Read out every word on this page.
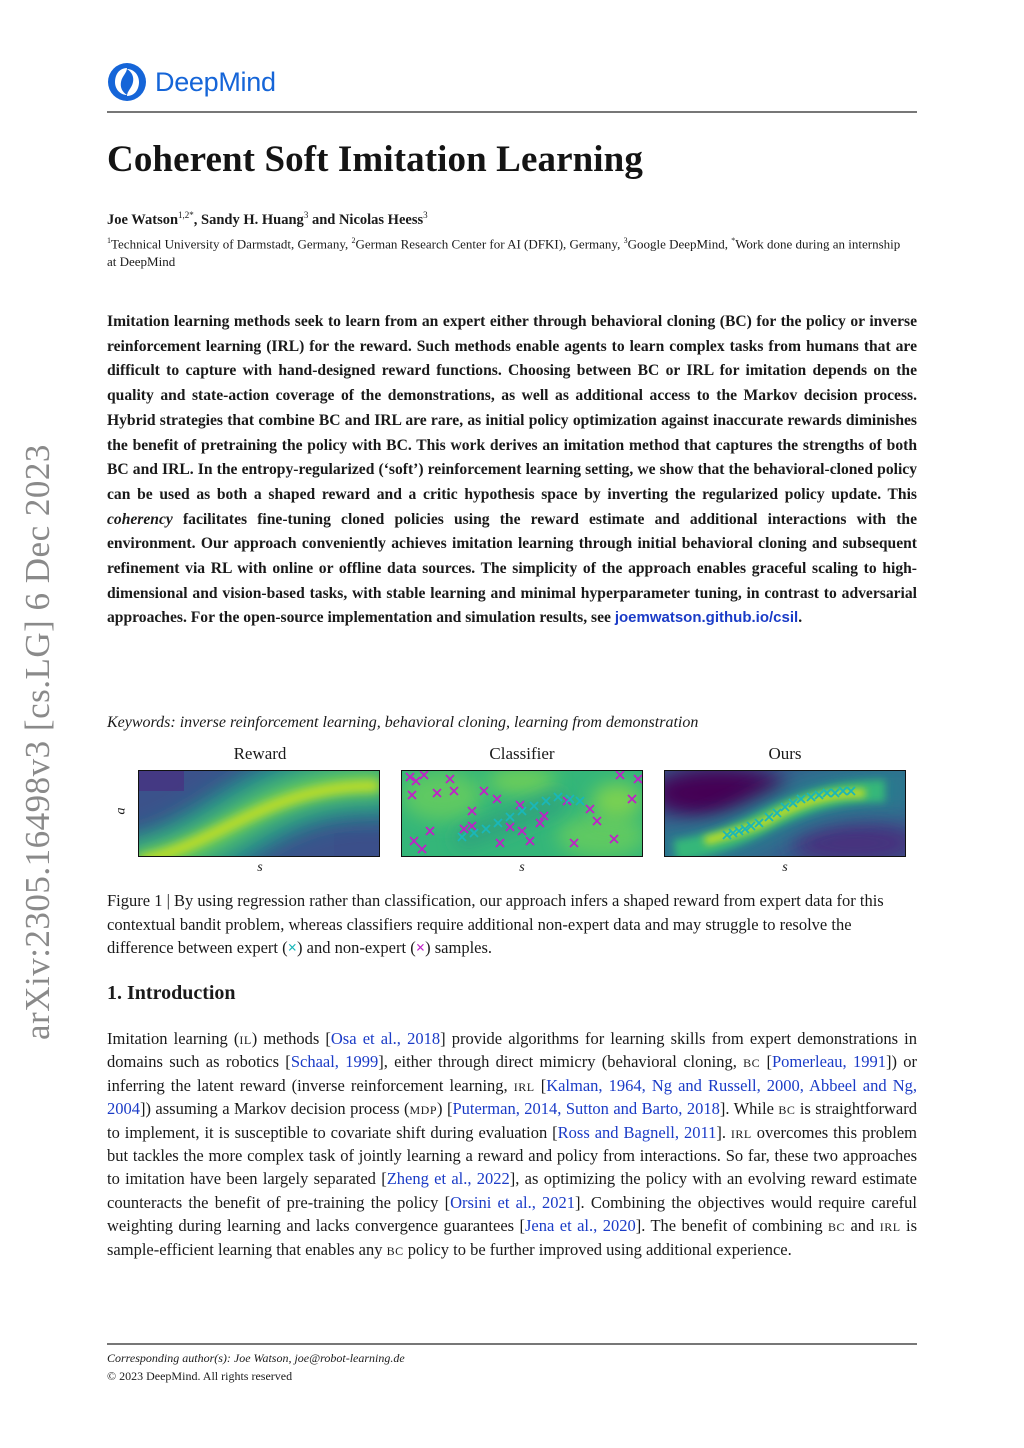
DeepMind
Coherent Soft Imitation Learning
Joe Watson$^{1,2*}$, Sandy H. Huang$^3$ and Nicolas Heess$^3$
$^1$Technical University of Darmstadt, Germany, $^2$German Research Center for AI (DFKI), Germany, $^3$Google DeepMind, *Work done during an internship at DeepMind
Imitation learning methods seek to learn from an expert either through behavioral cloning (BC) for the policy or inverse reinforcement learning (IRL) for the reward. Such methods enable agents to learn complex tasks from humans that are difficult to capture with hand-designed reward functions. Choosing between BC or IRL for imitation depends on the quality and state-action coverage of the demonstrations, as well as additional access to the Markov decision process. Hybrid strategies that combine BC and IRL are rare, as initial policy optimization against inaccurate rewards diminishes the benefit of pretraining the policy with BC. This work derives an imitation method that captures the strengths of both BC and IRL. In the entropy-regularized (‘soft’) reinforcement learning setting, we show that the behavioral-cloned policy can be used as both a shaped reward and a critic hypothesis space by inverting the regularized policy update. This coherency facilitates fine-tuning cloned policies using the reward estimate and additional interactions with the environment. Our approach conveniently achieves imitation learning through initial behavioral cloning and subsequent refinement via RL with online or offline data sources. The simplicity of the approach enables graceful scaling to high-dimensional and vision-based tasks, with stable learning and minimal hyperparameter tuning, in contrast to adversarial approaches. For the open-source implementation and simulation results, see joemwatson.github.io/csil.
Keywords: inverse reinforcement learning, behavioral cloning, learning from demonstration
arXiv:2305.16498v3 [cs.LG] 6 Dec 2023	Reward	Classifier	Ours
a
s	s	s
Figure 1 | By using regression rather than classification, our approach infers a shaped reward from expert data for this contextual bandit problem, whereas classifiers require additional non-expert data and may struggle to resolve the difference between expert (×) and non-expert (×) samples.
1. Introduction
Imitation learning (il) methods [Osa et al., 2018] provide algorithms for learning skills from expert demonstrations in domains such as robotics [Schaal, 1999], either through direct mimicry (behavioral cloning, bc [Pomerleau, 1991]) or inferring the latent reward (inverse reinforcement learning, irl [Kalman, 1964, Ng and Russell, 2000, Abbeel and Ng, 2004]) assuming a Markov decision process (mdp) [Puterman, 2014, Sutton and Barto, 2018]. While bc is straightforward to implement, it is susceptible to covariate shift during evaluation [Ross and Bagnell, 2011]. irl overcomes this problem but tackles the more complex task of jointly learning a reward and policy from interactions. So far, these two approaches to imitation have been largely separated [Zheng et al., 2022], as optimizing the policy with an evolving reward estimate counteracts the benefit of pre-training the policy [Orsini et al., 2021]. Combining the objectives would require careful weighting during learning and lacks convergence guarantees [Jena et al., 2020]. The benefit of combining bc and irl is sample-efficient learning that enables any bc policy to be further improved using additional experience.
Corresponding author(s): Joe Watson, joe@robot-learning.de
© 2023 DeepMind. All rights reserved
